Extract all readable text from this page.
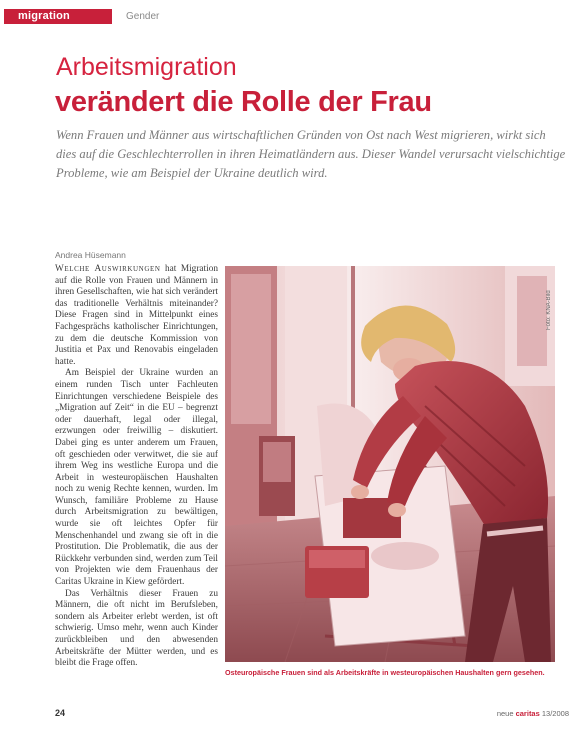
migration	Gender
Arbeitsmigration
verändert die Rolle der Frau
Wenn Frauen und Männer aus wirtschaftlichen Gründen von Ost nach West migrieren, wirkt sich dies auf die Geschlechterrollen in ihren Heimatländern aus. Dieser Wandel verursacht vielschichtige Probleme, wie am Beispiel der Ukraine deutlich wird.
Andrea Hüsemann

Welche Auswirkungen hat Migration auf die Rolle von Frauen und Männern in ihren Gesellschaften, wie hat sich verändert das traditionelle Verhältnis miteinander? Diese Fragen sind in Mittelpunkt eines Fachgesprächs katholischer Einrichtungen, zu dem die deutsche Kommission von Justitia et Pax und Renovabis eingeladen hatte.

Am Beispiel der Ukraine wurden an einem runden Tisch unter Fachleuten Einrichtungen verschiedene Beispiele des „Migration auf Zeit“ in die EU – begrenzt oder dauerhaft, legal oder illegal, erzwungen oder freiwillig – diskutiert. Dabei ging es unter anderem um Frauen, oft geschieden oder verwitwet, die sie auf ihrem Weg ins westliche Europa und die Arbeit in westeuropäischen Haushalten noch zu wenig Rechte kennen, wurden. Im Wunsch, familiäre Probleme zu Hause durch Arbeitsmigration zu bewältigen, wurde sie oft leichtes Opfer für Menschenhandel und zwang sie oft in die Prostitution. Die Problematik, die aus der Rückkehr verbunden sind, werden zum Teil von Projekten wie dem Frauenhaus der Caritas Ukraine in Kiew gefördert.

Das Verhältnis dieser Frauen zu Männern, die oft nicht im Berufsleben, sondern als Arbeiter erlebt werden, ist oft schwierig. Umso mehr, wenn auch Kinder zurückbleiben und den abwesenden Arbeitskräfte der Mütter werden, und es bleibt die Frage offen.

Foto: KNA-Bild
Osteuropäische Frauen sind als Arbeitskräfte in westeuropäischen Haushalten gern gesehen.
24	neue caritas 13/2008
